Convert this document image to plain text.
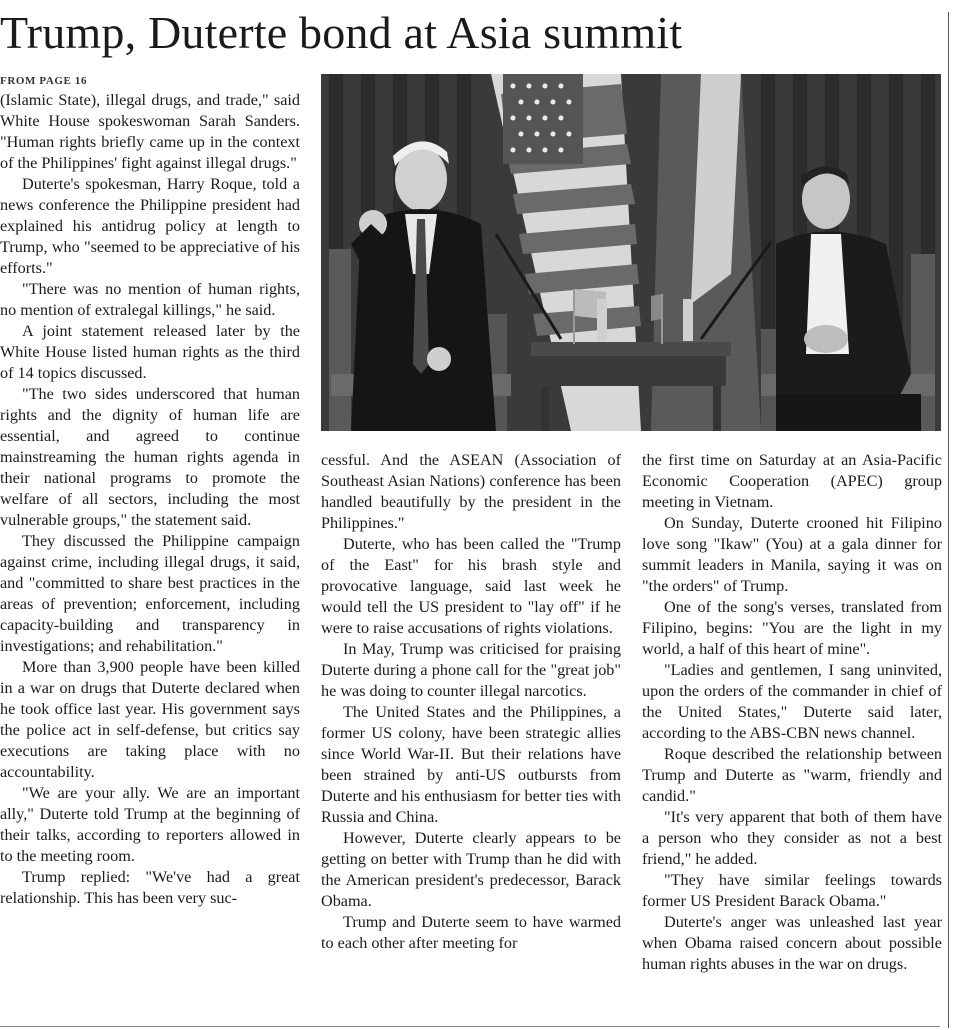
Trump, Duterte bond at Asia summit
FROM PAGE 16

(Islamic State), illegal drugs, and trade," said White House spokeswoman Sarah Sanders. "Human rights briefly came up in the context of the Philippines' fight against illegal drugs."

Duterte's spokesman, Harry Roque, told a news conference the Philippine president had explained his antidrug policy at length to Trump, who "seemed to be appreciative of his efforts."

"There was no mention of human rights, no mention of extralegal killings," he said.

A joint statement released later by the White House listed human rights as the third of 14 topics discussed.

"The two sides underscored that human rights and the dignity of human life are essential, and agreed to continue mainstreaming the human rights agenda in their national programs to promote the welfare of all sectors, including the most vulnerable groups," the statement said.

They discussed the Philippine campaign against crime, including illegal drugs, it said, and "committed to share best practices in the areas of prevention; enforcement, including capacity-building and transparency in investigations; and rehabilitation."

More than 3,900 people have been killed in a war on drugs that Duterte declared when he took office last year. His government says the police act in self-defense, but critics say executions are taking place with no accountability.

"We are your ally. We are an important ally," Duterte told Trump at the beginning of their talks, according to reporters allowed in to the meeting room.

Trump replied: "We've had a great relationship. This has been very suc-

cessful. And the ASEAN (Association of Southeast Asian Nations) conference has been handled beautifully by the president in the Philippines."

Duterte, who has been called the "Trump of the East" for his brash style and provocative language, said last week he would tell the US president to "lay off" if he were to raise accusations of rights violations.

In May, Trump was criticised for praising Duterte during a phone call for the "great job" he was doing to counter illegal narcotics.

The United States and the Philippines, a former US colony, have been strategic allies since World War-II. But their relations have been strained by anti-US outbursts from Duterte and his enthusiasm for better ties with Russia and China.

However, Duterte clearly appears to be getting on better with Trump than he did with the American president's predecessor, Barack Obama.

Trump and Duterte seem to have warmed to each other after meeting for

the first time on Saturday at an Asia-Pacific Economic Cooperation (APEC) group meeting in Vietnam.

On Sunday, Duterte crooned hit Filipino love song "Ikaw" (You) at a gala dinner for summit leaders in Manila, saying it was on "the orders" of Trump.

One of the song's verses, translated from Filipino, begins: "You are the light in my world, a half of this heart of mine".

"Ladies and gentlemen, I sang uninvited, upon the orders of the commander in chief of the United States," Duterte said later, according to the ABS-CBN news channel.

Roque described the relationship between Trump and Duterte as "warm, friendly and candid."

"It's very apparent that both of them have a person who they consider as not a best friend," he added.

"They have similar feelings towards former US President Barack Obama."

Duterte's anger was unleashed last year when Obama raised concern about possible human rights abuses in the war on drugs.
